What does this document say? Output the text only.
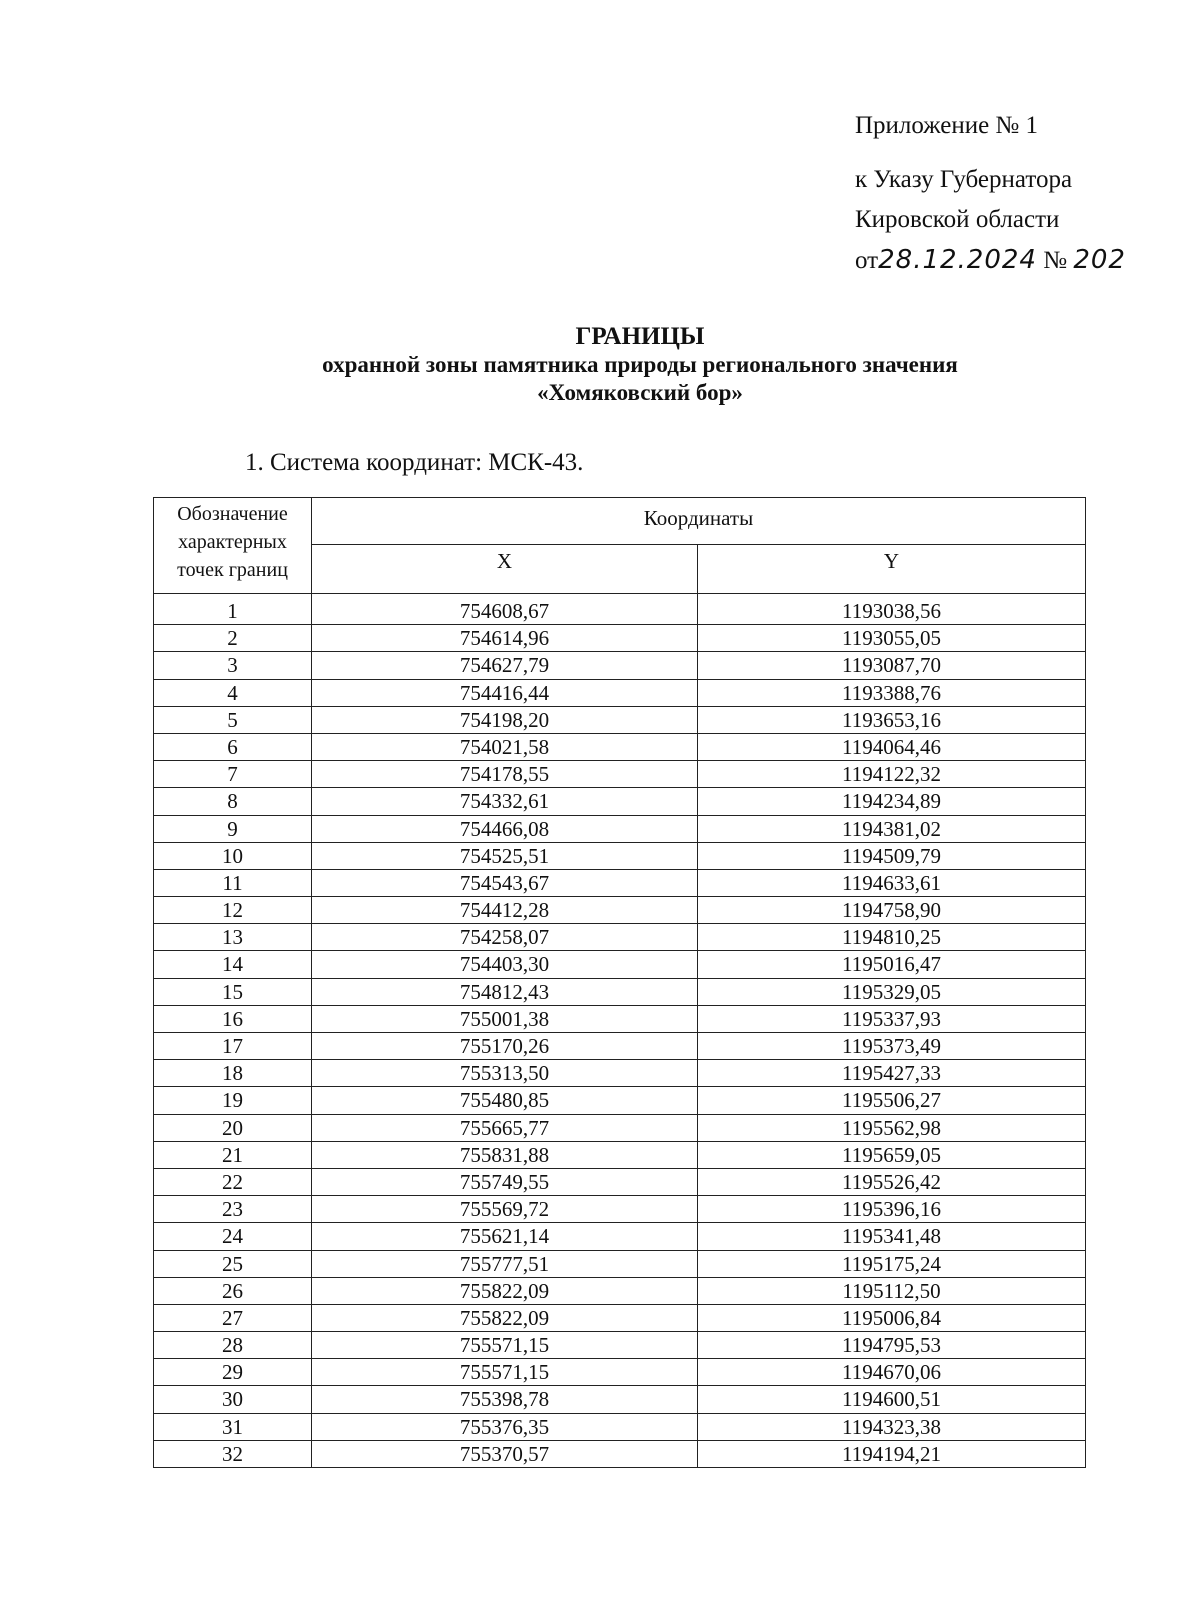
Приложение № 1
к Указу Губернатора
Кировской области
от28.12.2024 № 202
ГРАНИЦЫ
охранной зоны памятника природы регионального значения
«Хомяковский бор»
1. Система координат: МСК-43.
Обозначение характерных точек границ	Координаты	
	X	Y
1	754608,67	1193038,56
2	754614,96	1193055,05
3	754627,79	1193087,70
4	754416,44	1193388,76
5	754198,20	1193653,16
6	754021,58	1194064,46
7	754178,55	1194122,32
8	754332,61	1194234,89
9	754466,08	1194381,02
10	754525,51	1194509,79
11	754543,67	1194633,61
12	754412,28	1194758,90
13	754258,07	1194810,25
14	754403,30	1195016,47
15	754812,43	1195329,05
16	755001,38	1195337,93
17	755170,26	1195373,49
18	755313,50	1195427,33
19	755480,85	1195506,27
20	755665,77	1195562,98
21	755831,88	1195659,05
22	755749,55	1195526,42
23	755569,72	1195396,16
24	755621,14	1195341,48
25	755777,51	1195175,24
26	755822,09	1195112,50
27	755822,09	1195006,84
28	755571,15	1194795,53
29	755571,15	1194670,06
30	755398,78	1194600,51
31	755376,35	1194323,38
32	755370,57	1194194,21
